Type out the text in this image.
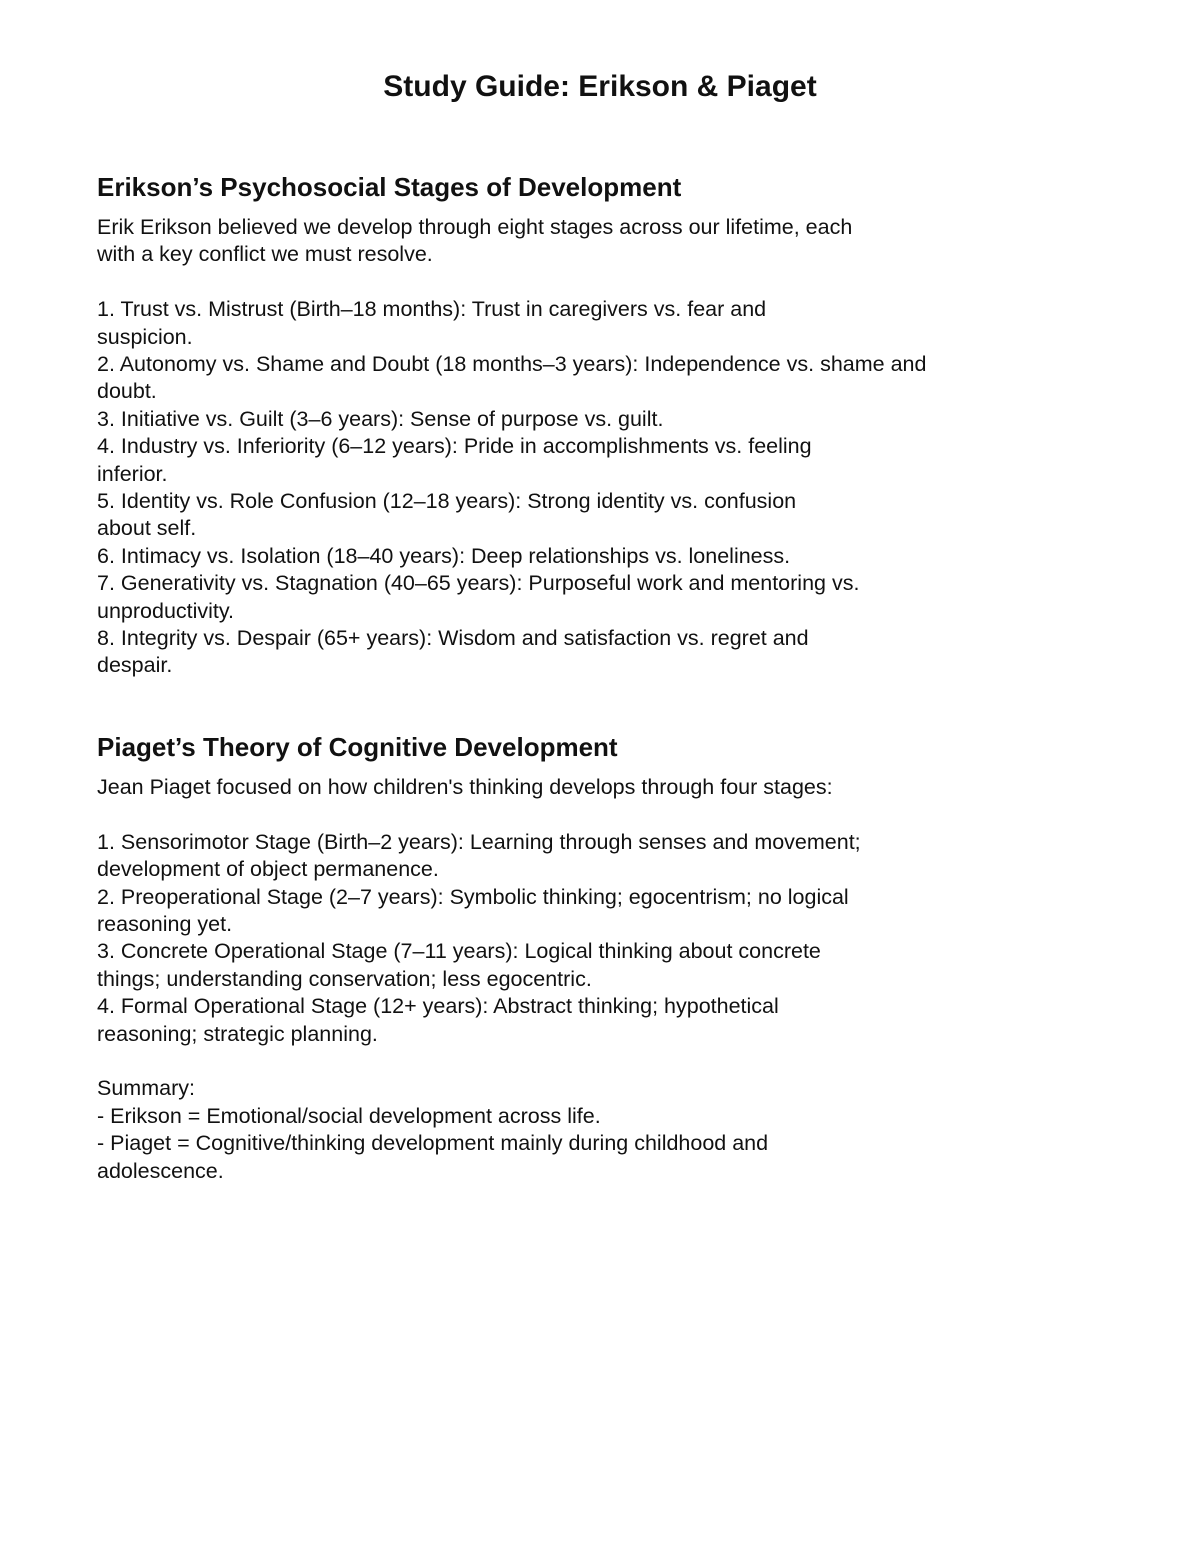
Study Guide: Erikson & Piaget
Erikson’s Psychosocial Stages of Development

Erik Erikson believed we develop through eight stages across our lifetime, each

with a key conflict we must resolve.

1. Trust vs. Mistrust (Birth–18 months): Trust in caregivers vs. fear and

suspicion.

2. Autonomy vs. Shame and Doubt (18 months–3 years): Independence vs. shame and

doubt.

3. Initiative vs. Guilt (3–6 years): Sense of purpose vs. guilt.

4. Industry vs. Inferiority (6–12 years): Pride in accomplishments vs. feeling

inferior.

5. Identity vs. Role Confusion (12–18 years): Strong identity vs. confusion

about self.

6. Intimacy vs. Isolation (18–40 years): Deep relationships vs. loneliness.

7. Generativity vs. Stagnation (40–65 years): Purposeful work and mentoring vs.

unproductivity.

8. Integrity vs. Despair (65+ years): Wisdom and satisfaction vs. regret and

despair.

Piaget’s Theory of Cognitive Development

Jean Piaget focused on how children's thinking develops through four stages:

1. Sensorimotor Stage (Birth–2 years): Learning through senses and movement;

development of object permanence.

2. Preoperational Stage (2–7 years): Symbolic thinking; egocentrism; no logical

reasoning yet.

3. Concrete Operational Stage (7–11 years): Logical thinking about concrete

things; understanding conservation; less egocentric.

4. Formal Operational Stage (12+ years): Abstract thinking; hypothetical

reasoning; strategic planning.

Summary:

- Erikson = Emotional/social development across life.

- Piaget = Cognitive/thinking development mainly during childhood and

adolescence.
